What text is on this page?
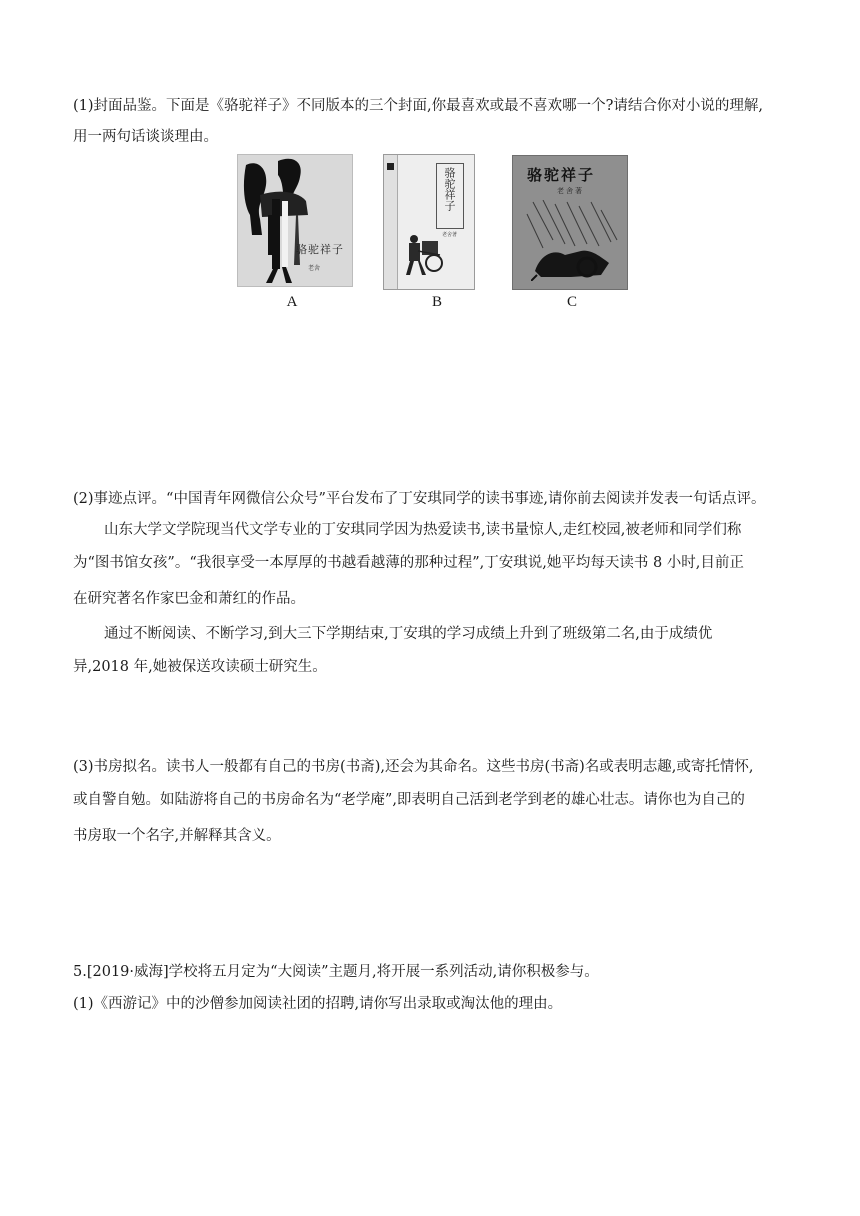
(1)封面品鉴。下面是《骆驼祥子》不同版本的三个封面,你最喜欢或最不喜欢哪一个?请结合你对小说的理解,
用一两句话谈谈理由。
骆驼祥子
老舍
A
骆驼祥子
老舍著
B
骆驼祥子
老舍著
C
(2)事迹点评。“中国青年网微信公众号”平台发布了丁安琪同学的读书事迹,请你前去阅读并发表一句话点评。
山东大学文学院现当代文学专业的丁安琪同学因为热爱读书,读书量惊人,走红校园,被老师和同学们称
为“图书馆女孩”。“我很享受一本厚厚的书越看越薄的那种过程”,丁安琪说,她平均每天读书 8 小时,目前正
在研究著名作家巴金和萧红的作品。
通过不断阅读、不断学习,到大三下学期结束,丁安琪的学习成绩上升到了班级第二名,由于成绩优
异,2018 年,她被保送攻读硕士研究生。
(3)书房拟名。读书人一般都有自己的书房(书斋),还会为其命名。这些书房(书斋)名或表明志趣,或寄托情怀,
或自警自勉。如陆游将自己的书房命名为“老学庵”,即表明自己活到老学到老的雄心壮志。请你也为自己的
书房取一个名字,并解释其含义。
5.[2019·威海]学校将五月定为“大阅读”主题月,将开展一系列活动,请你积极参与。
(1)《西游记》中的沙僧参加阅读社团的招聘,请你写出录取或淘汰他的理由。
